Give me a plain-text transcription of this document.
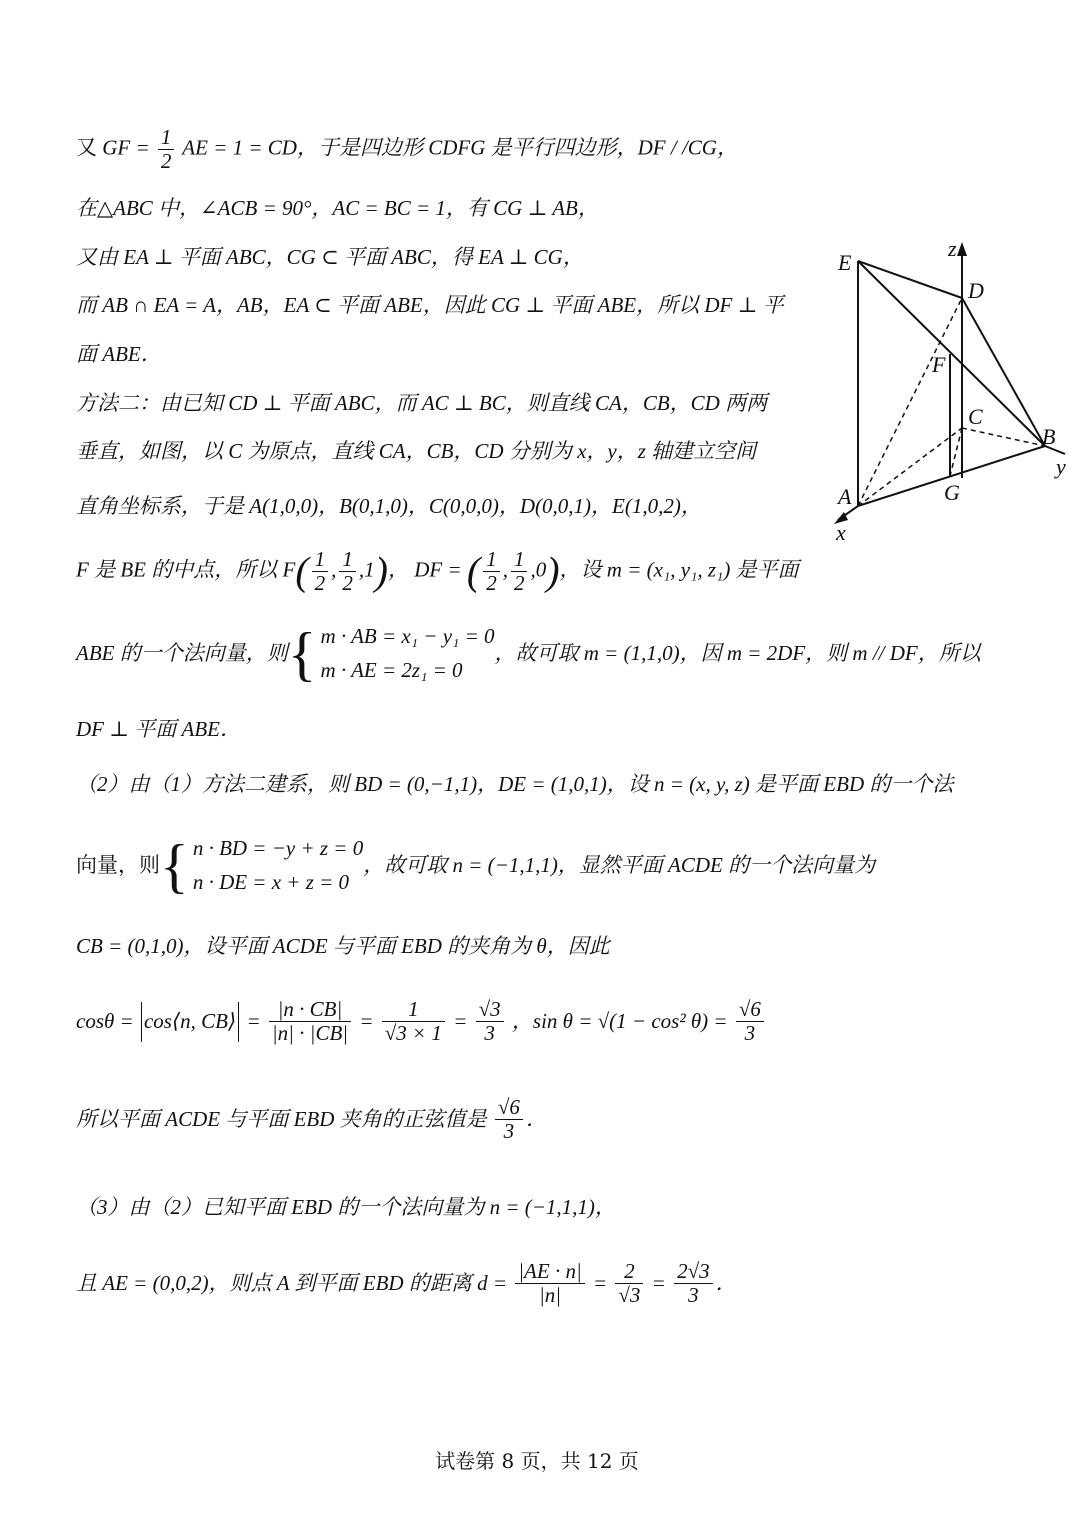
又 GF = $\frac{1}{2}$ AE = 1 = CD，于是四边形 CDFG 是平行四边形，DF / /CG，
在△ABC 中，∠ACB = 90°，AC = BC = 1，有 CG ⊥ AB，
又由 EA ⊥ 平面 ABC，CG ⊂ 平面 ABC，得 EA ⊥ CG，
而 AB ∩ EA = A，AB，EA ⊂ 平面 ABE，因此 CG ⊥ 平面 ABE，所以 DF ⊥ 平
面 ABE．
方法二：由已知 CD ⊥ 平面 ABC，而 AC ⊥ BC，则直线 CA，CB，CD 两两
垂直，如图，以 C 为原点，直线 CA，CB，CD 分别为 x，y，z 轴建立空间
直角坐标系，于是 A(1,0,0)，B(0,1,0)，C(0,0,0)，D(0,0,1)，E(1,0,2)，
F 是 BE 的中点，所以 $F( \frac{1}{2}$ , $\frac{1}{2} ,1$)， DF = ( $\frac{1}{2}$ , $\frac{1}{2} ,0$)，设 m = (x₁, y₁, z₁) 是平面
ABE 的一个法向量，则{ m · AB = x₁ − y₁ = 0
m · AE = 2z₁ = 0
，故可取 m = (1,1,0)，因 m = 2DF，则 m // DF，所以
DF ⊥ 平面 ABE．
（2）由（1）方法二建系，则 BD = (0,−1,1)，DE = (1,0,1)，设 n = (x, y, z) 是平面 EBD 的一个法
向量，则{ n · BD = −y + z = 0
n · DE = x + z = 0
，故可取 n = (−1,1,1)，显然平面 ACDE 的一个法向量为
CB = (0,1,0)，设平面 ACDE 与平面 EBD 的夹角为 θ，因此
cosθ = cos⟨n, CB⟩ = $\frac{|n \cdot CB|}{|n| \cdot |CB|} = \frac{1}{√3 \times 1} = \frac{√3}{3}$ ，sin θ = √(1 − cos² $\theta) = \frac{√6}{3}$
所以平面 ACDE 与平面 EBD 夹角的正弦值是 $\frac{√6}{3}$ ．
（3）由（2）已知平面 EBD 的一个法向量为 n = (−1,1,1)，
且 AE = (0,0,2)，则点 A 到平面 EBD 的距离 $d = \frac{|AE \cdot n|}{|n|} = \frac{2}{√3} = \frac{2√3}{3}$ ．
E
D
z
F
C
B
y
A	G
x
试卷第 8 页，共 12 页
